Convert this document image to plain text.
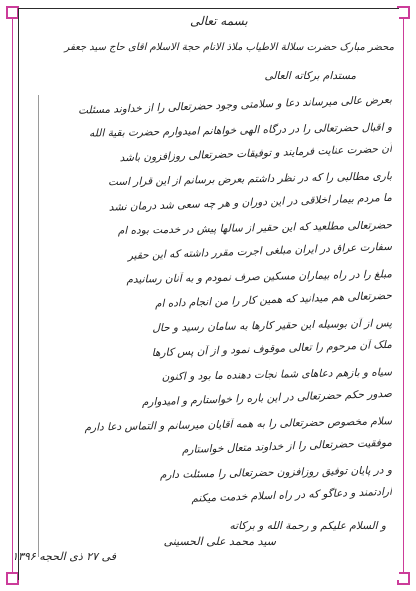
بسمه تعالی
محضر مبارک حضرت سلالة الاطیاب ملاذ الانام حجة الاسلام آقای حاج سید جعفر
مستدام برکاته العالی
بعرض عالی میرساند دعا و سلامتی وجود حضرتعالی را از خداوند مسئلت
و اقبال حضرتعالی را در درگاه الهی خواهانم امیدوارم حضرت بقیة الله
آن حضرت عنایت فرمایند و توفیقات حضرتعالی روزافزون باشد
باری مطالبی را که در نظر داشتم بعرض برسانم از این قرار است
ما مردم بیمار اخلاقی در این دوران و هر چه سعی شد درمان نشد
حضرتعالی مطلعید که این حقیر از سالها پیش در خدمت بوده ام
سفارت عراق در ایران مبلغی اجرت مقرر داشته که این حقیر
مبلغ را در راه بیماران مسکین صرف نمودم و به آنان رسانیدم
حضرتعالی هم میدانید که همین کار را من انجام داده ام
پس از آن بوسیله این حقیر کارها به سامان رسید و حال
ملک آن مرحوم را تعالی موقوف نمود و از آن پس کارها
سیاه و بازهم دعاهای شما نجات دهنده ما بود و اکنون
صدور حکم حضرتعالی در این باره را خواستارم و امیدوارم
سلام مخصوص حضرتعالی را به همه آقایان میرسانم و التماس دعا دارم
موفقیت حضرتعالی را از خداوند متعال خواستارم
و در پایان توفیق روزافزون حضرتعالی را مسئلت دارم
ارادتمند و دعاگو که در راه اسلام خدمت میکنم
و السلام علیکم و رحمة الله و برکاته
سید محمد علی الحسینی
فی ۲۷ ذی الحجه ۱۳۹۶
